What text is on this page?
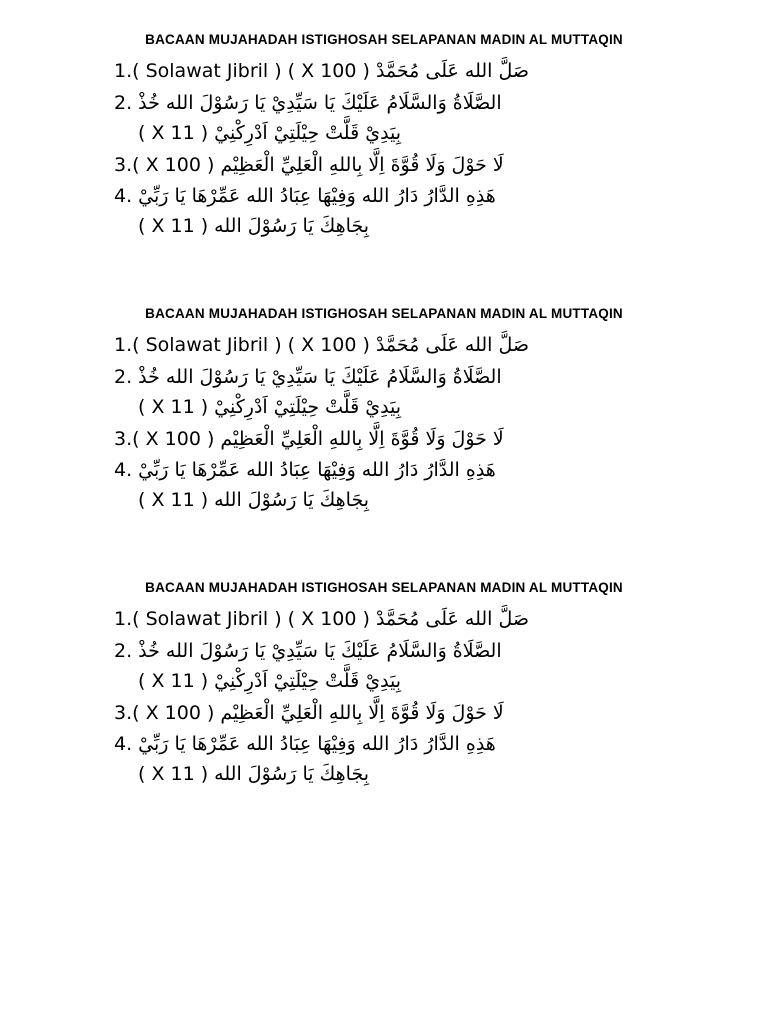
BACAAN MUJAHADAH ISTIGHOSAH SELAPANAN MADIN AL MUTTAQIN
1.صَلَّ الله عَلَى مُحَمَّدْ ( X 100 ) ( Solawat Jibril )
2. الصَّلَاةُ وَالسَّلَامُ عَلَيْكَ يَا سَيِّدِيْ يَا رَسُوْلَ الله خُذْ
بِيَدِيْ قَلَّتْ حِيْلَتِيْ اَدْرِكْنِيْ ( X 11 )
3.لَا حَوْلَ وَلَا قُوَّةَ اِلَّا بِاللهِ الْعَلِيِّ الْعَظِيْم ( X 100 )
4. هَذِهِ الدَّارُ دَارُ الله وَفِيْهَا عِبَادُ الله عَمِّرْهَا يَا رَبِّيْ
بِجَاهِكَ يَا رَسُوْلَ الله ( X 11 )
BACAAN MUJAHADAH ISTIGHOSAH SELAPANAN MADIN AL MUTTAQIN
1.صَلَّ الله عَلَى مُحَمَّدْ ( X 100 ) ( Solawat Jibril )
2. الصَّلَاةُ وَالسَّلَامُ عَلَيْكَ يَا سَيِّدِيْ يَا رَسُوْلَ الله خُذْ
بِيَدِيْ قَلَّتْ حِيْلَتِيْ اَدْرِكْنِيْ ( X 11 )
3.لَا حَوْلَ وَلَا قُوَّةَ اِلَّا بِاللهِ الْعَلِيِّ الْعَظِيْم ( X 100 )
4. هَذِهِ الدَّارُ دَارُ الله وَفِيْهَا عِبَادُ الله عَمِّرْهَا يَا رَبِّيْ
بِجَاهِكَ يَا رَسُوْلَ الله ( X 11 )
BACAAN MUJAHADAH ISTIGHOSAH SELAPANAN MADIN AL MUTTAQIN
1.صَلَّ الله عَلَى مُحَمَّدْ ( X 100 ) ( Solawat Jibril )
2. الصَّلَاةُ وَالسَّلَامُ عَلَيْكَ يَا سَيِّدِيْ يَا رَسُوْلَ الله خُذْ
بِيَدِيْ قَلَّتْ حِيْلَتِيْ اَدْرِكْنِيْ ( X 11 )
3.لَا حَوْلَ وَلَا قُوَّةَ اِلَّا بِاللهِ الْعَلِيِّ الْعَظِيْم ( X 100 )
4. هَذِهِ الدَّارُ دَارُ الله وَفِيْهَا عِبَادُ الله عَمِّرْهَا يَا رَبِّيْ
بِجَاهِكَ يَا رَسُوْلَ الله ( X 11 )
